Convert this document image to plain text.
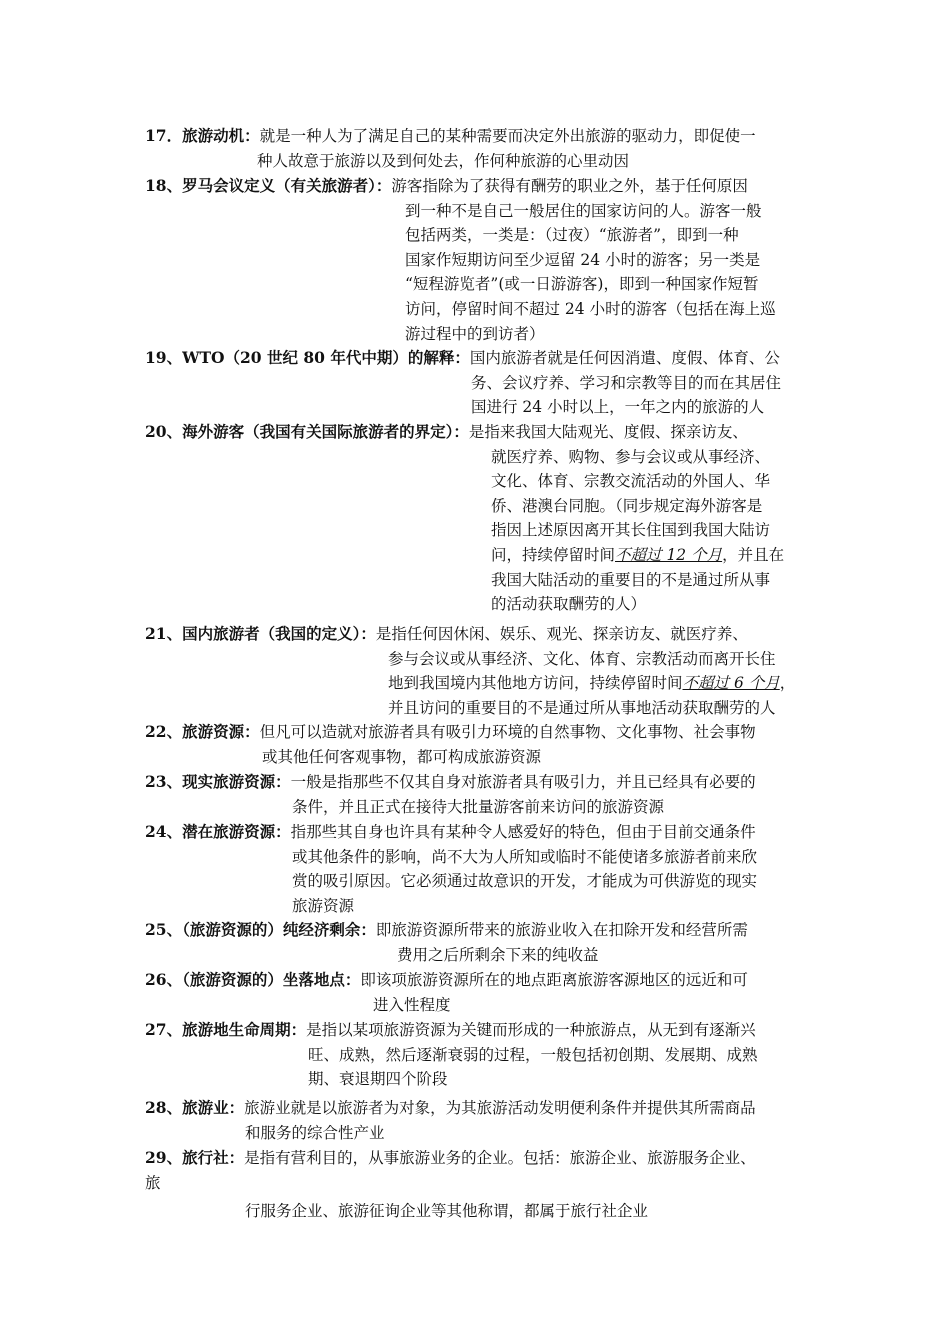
17．旅游动机：就是一种人为了满足自己的某种需要而决定外出旅游的驱动力，即促使一
种人故意于旅游以及到何处去，作何种旅游的心里动因
18、罗马会议定义（有关旅游者）：游客指除为了获得有酬劳的职业之外，基于任何原因
到一种不是自己一般居住的国家访问的人。游客一般
包括两类，一类是：（过夜）“旅游者”，即到一种
国家作短期访问至少逗留 24 小时的游客；另一类是
“短程游览者”(或一日游游客)，即到一种国家作短暂
访问，停留时间不超过 24 小时的游客（包括在海上巡
游过程中的到访者）
19、WTO（20 世纪 80 年代中期）的解释：国内旅游者就是任何因消遣、度假、体育、公
务、会议疗养、学习和宗教等目的而在其居住
国进行 24 小时以上，一年之内的旅游的人
20、海外游客（我国有关国际旅游者的界定）：是指来我国大陆观光、度假、探亲访友、
就医疗养、购物、参与会议或从事经济、
文化、体育、宗教交流活动的外国人、华
侨、港澳台同胞。（同步规定海外游客是
指因上述原因离开其长住国到我国大陆访
问，持续停留时间不超过 12 个月，并且在
我国大陆活动的重要目的不是通过所从事
的活动获取酬劳的人）
21、国内旅游者（我国的定义）：是指任何因休闲、娱乐、观光、探亲访友、就医疗养、
参与会议或从事经济、文化、体育、宗教活动而离开长住
地到我国境内其他地方访问，持续停留时间不超过 6 个月，
并且访问的重要目的不是通过所从事地活动获取酬劳的人
22、旅游资源：但凡可以造就对旅游者具有吸引力环境的自然事物、文化事物、社会事物
或其他任何客观事物，都可构成旅游资源
23、现实旅游资源：一般是指那些不仅其自身对旅游者具有吸引力，并且已经具有必要的
条件，并且正式在接待大批量游客前来访问的旅游资源
24、潜在旅游资源：指那些其自身也许具有某种令人感爱好的特色，但由于目前交通条件
或其他条件的影响，尚不大为人所知或临时不能使诸多旅游者前来欣
赏的吸引原因。它必须通过故意识的开发，才能成为可供游览的现实
旅游资源
25、（旅游资源的）纯经济剩余：即旅游资源所带来的旅游业收入在扣除开发和经营所需
费用之后所剩余下来的纯收益
26、（旅游资源的）坐落地点：即该项旅游资源所在的地点距离旅游客源地区的远近和可
进入性程度
27、旅游地生命周期：是指以某项旅游资源为关键而形成的一种旅游点，从无到有逐渐兴
旺、成熟，然后逐渐衰弱的过程，一般包括初创期、发展期、成熟
期、衰退期四个阶段
28、旅游业：旅游业就是以旅游者为对象，为其旅游活动发明便利条件并提供其所需商品
和服务的综合性产业
29、旅行社：是指有营利目的，从事旅游业务的企业。包括：旅游企业、旅游服务企业、
旅
行服务企业、旅游征询企业等其他称谓，都属于旅行社企业
